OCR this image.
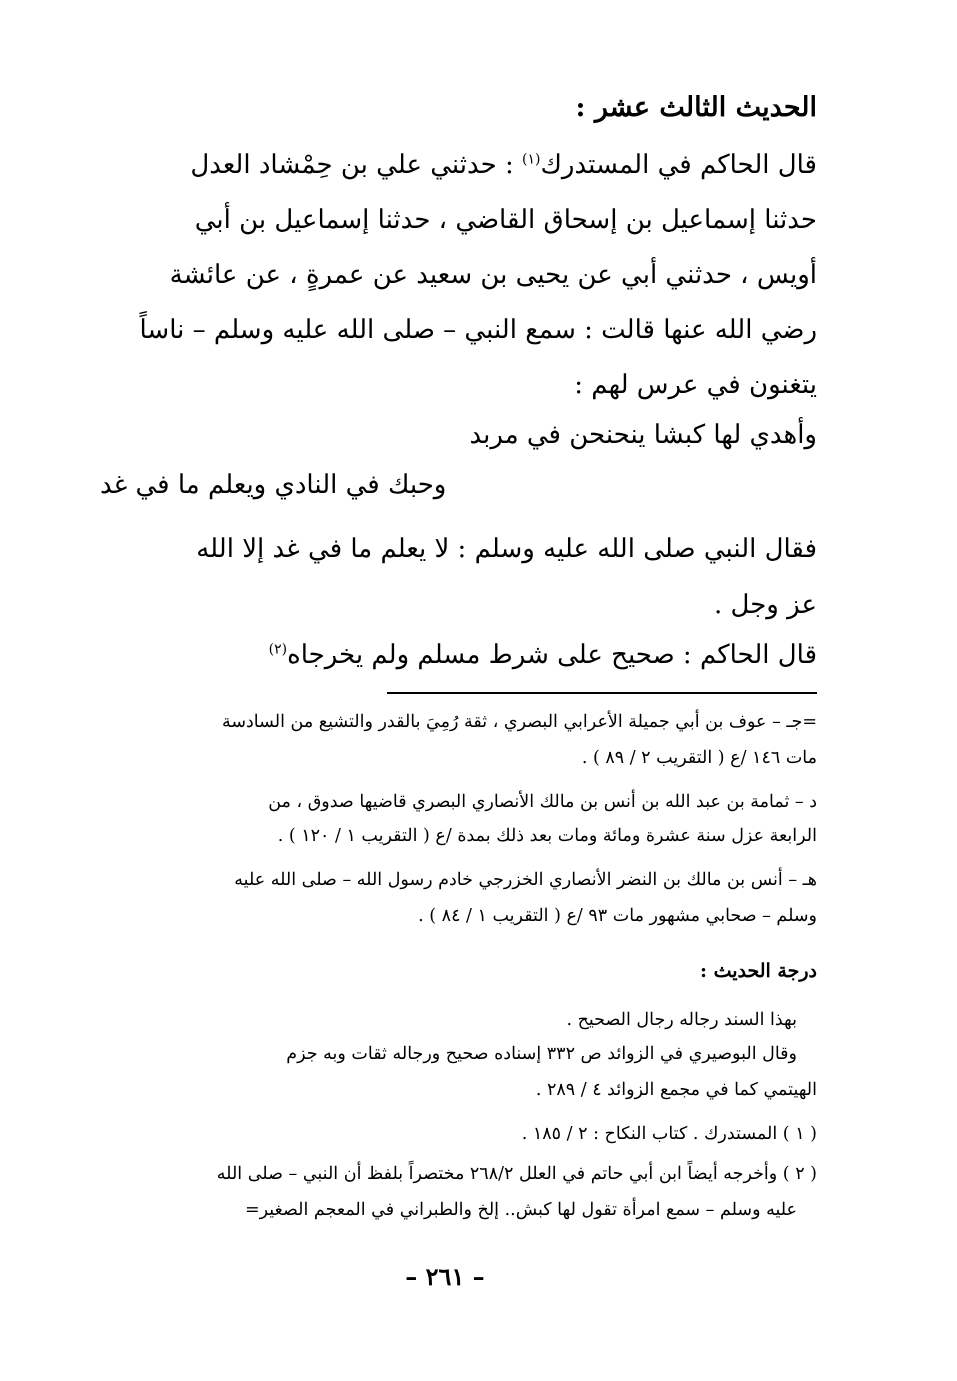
الحديث الثالث عشر :
قال الحاكم في المستدرك$^{(١)}$ : حدثني علي بن حِمْشاد العدل
حدثنا إسماعيل بن إسحاق القاضي ، حدثنا إسماعيل بن أبي
أويس ، حدثني أبي عن يحيى بن سعيد عن عمرةٍ ، عن عائشة
رضي الله عنها قالت : سمع النبي – صلى الله عليه وسلم – ناساً
يتغنون في عرس لهم :
وأهدي لها كبشا ينحنحن في مربد
وحبك في النادي ويعلم ما في غد
فقال النبي صلى الله عليه وسلم : لا يعلم ما في غد إلا الله
عز وجل .
قال الحاكم : صحيح على شرط مسلم ولم يخرجاه$^{(٢)}$
=جـ – عوف بن أبي جميلة الأعرابي البصري ، ثقة رُمِيَ بالقدر والتشيع من السادسة
مات ١٤٦ /ع ( التقريب ٢ / ٨٩ ) .
د – ثمامة بن عبد الله بن أنس بن مالك الأنصاري البصري قاضيها صدوق ، من
الرابعة عزل سنة عشرة ومائة ومات بعد ذلك بمدة /ع ( التقريب ١ / ١٢٠ ) .
هـ – أنس بن مالك بن النضر الأنصاري الخزرجي خادم رسول الله – صلى الله عليه
وسلم – صحابي مشهور مات ٩٣ /ع ( التقريب ١ / ٨٤ ) .
درجة الحديث :
بهذا السند رجاله رجال الصحيح .
وقال البوصيري في الزوائد ص ٣٣٢ إسناده صحيح ورجاله ثقات وبه جزم
الهيتمي كما في مجمع الزوائد ٤ / ٢٨٩ .
( ١ ) المستدرك . كتاب النكاح : ٢ / ١٨٥ .
( ٢ ) وأخرجه أيضاً ابن أبي حاتم في العلل ٢٦٨/٢ مختصراً بلفظ أن النبي – صلى الله
عليه وسلم – سمع امرأة تقول لها كبش.. إلخ والطبراني في المعجم الصغير=
– ٢٦١ –
